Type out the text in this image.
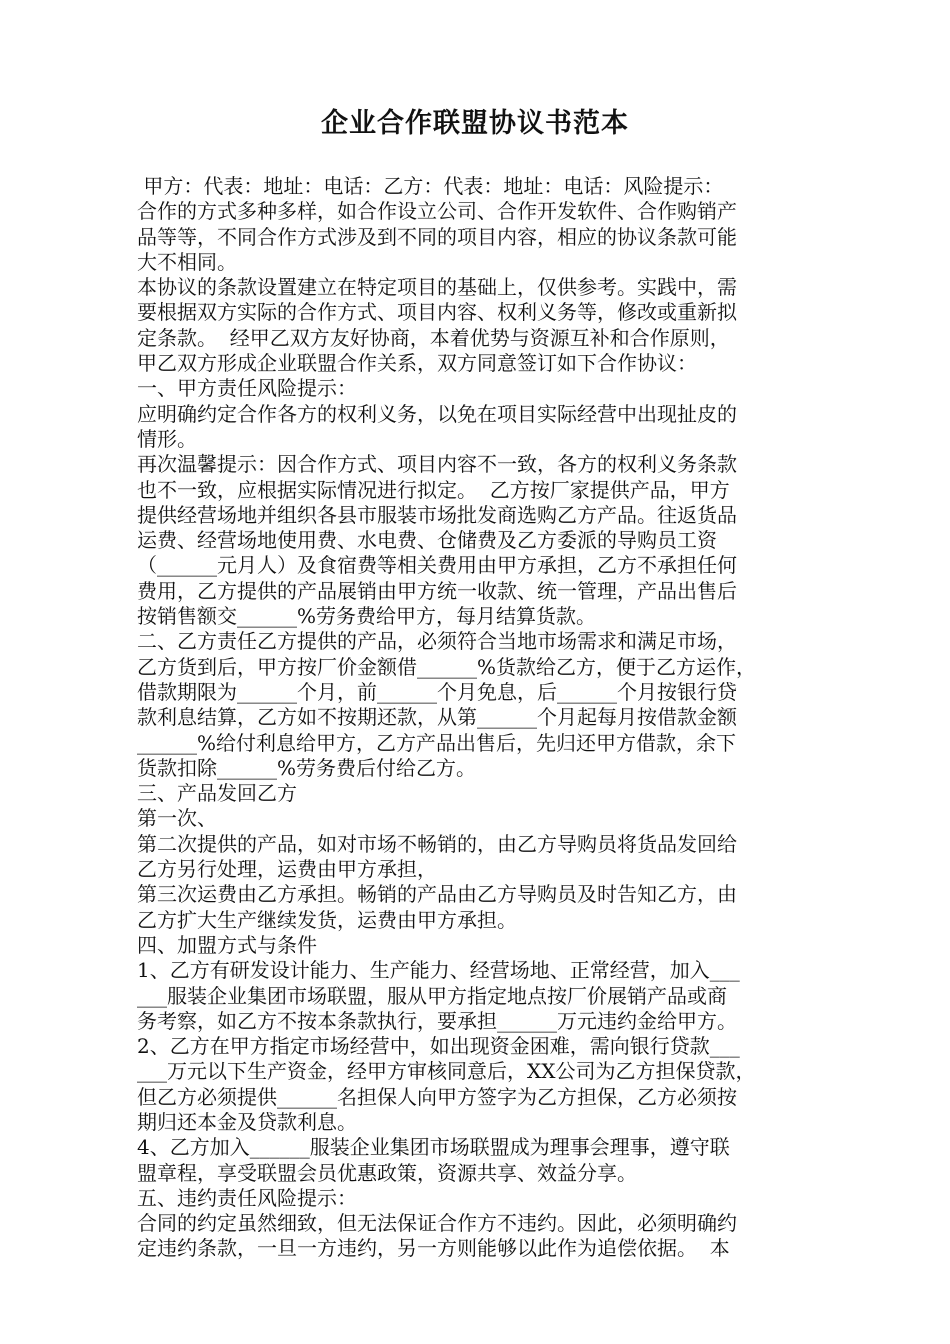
企业合作联盟协议书范本
甲方：代表：地址：电话：乙方：代表：地址：电话：风险提示：
合作的方式多种多样，如合作设立公司、合作开发软件、合作购销产
品等等，不同合作方式涉及到不同的项目内容，相应的协议条款可能
大不相同。
本协议的条款设置建立在特定项目的基础上，仅供参考。实践中，需
要根据双方实际的合作方式、项目内容、权利义务等，修改或重新拟
定条款。  经甲乙双方友好协商，本着优势与资源互补和合作原则，
甲乙双方形成企业联盟合作关系，双方同意签订如下合作协议：
一、甲方责任风险提示：
应明确约定合作各方的权利义务，以免在项目实际经营中出现扯皮的
情形。
再次温馨提示：因合作方式、项目内容不一致，各方的权利义务条款
也不一致，应根据实际情况进行拟定。  乙方按厂家提供产品，甲方
提供经营场地并组织各县市服装市场批发商选购乙方产品。往返货品
运费、经营场地使用费、水电费、仓储费及乙方委派的导购员工资
（______元月人）及食宿费等相关费用由甲方承担，乙方不承担任何
费用，乙方提供的产品展销由甲方统一收款、统一管理，产品出售后
按销售额交______%劳务费给甲方，每月结算货款。
二、乙方责任乙方提供的产品，必须符合当地市场需求和满足市场，
乙方货到后，甲方按厂价金额借______%货款给乙方，便于乙方运作，
借款期限为______个月，前______个月免息，后______个月按银行贷
款利息结算，乙方如不按期还款，从第______个月起每月按借款金额
______%给付利息给甲方，乙方产品出售后，先归还甲方借款，余下
货款扣除______%劳务费后付给乙方。
三、产品发回乙方
第一次、
第二次提供的产品，如对市场不畅销的，由乙方导购员将货品发回给
乙方另行处理，运费由甲方承担，
第三次运费由乙方承担。畅销的产品由乙方导购员及时告知乙方，由
乙方扩大生产继续发货，运费由甲方承担。
四、加盟方式与条件
1、乙方有研发设计能力、生产能力、经营场地、正常经营，加入___
___服装企业集团市场联盟，服从甲方指定地点按厂价展销产品或商
务考察，如乙方不按本条款执行，要承担______万元违约金给甲方。
2、乙方在甲方指定市场经营中，如出现资金困难，需向银行贷款___
___万元以下生产资金，经甲方审核同意后，XX公司为乙方担保贷款，
但乙方必须提供______名担保人向甲方签字为乙方担保，乙方必须按
期归还本金及贷款利息。
4、乙方加入______服装企业集团市场联盟成为理事会理事，遵守联
盟章程，享受联盟会员优惠政策，资源共享、效益分享。
五、违约责任风险提示：
合同的约定虽然细致，但无法保证合作方不违约。因此，必须明确约
定违约条款，一旦一方违约，另一方则能够以此作为追偿依据。  本
